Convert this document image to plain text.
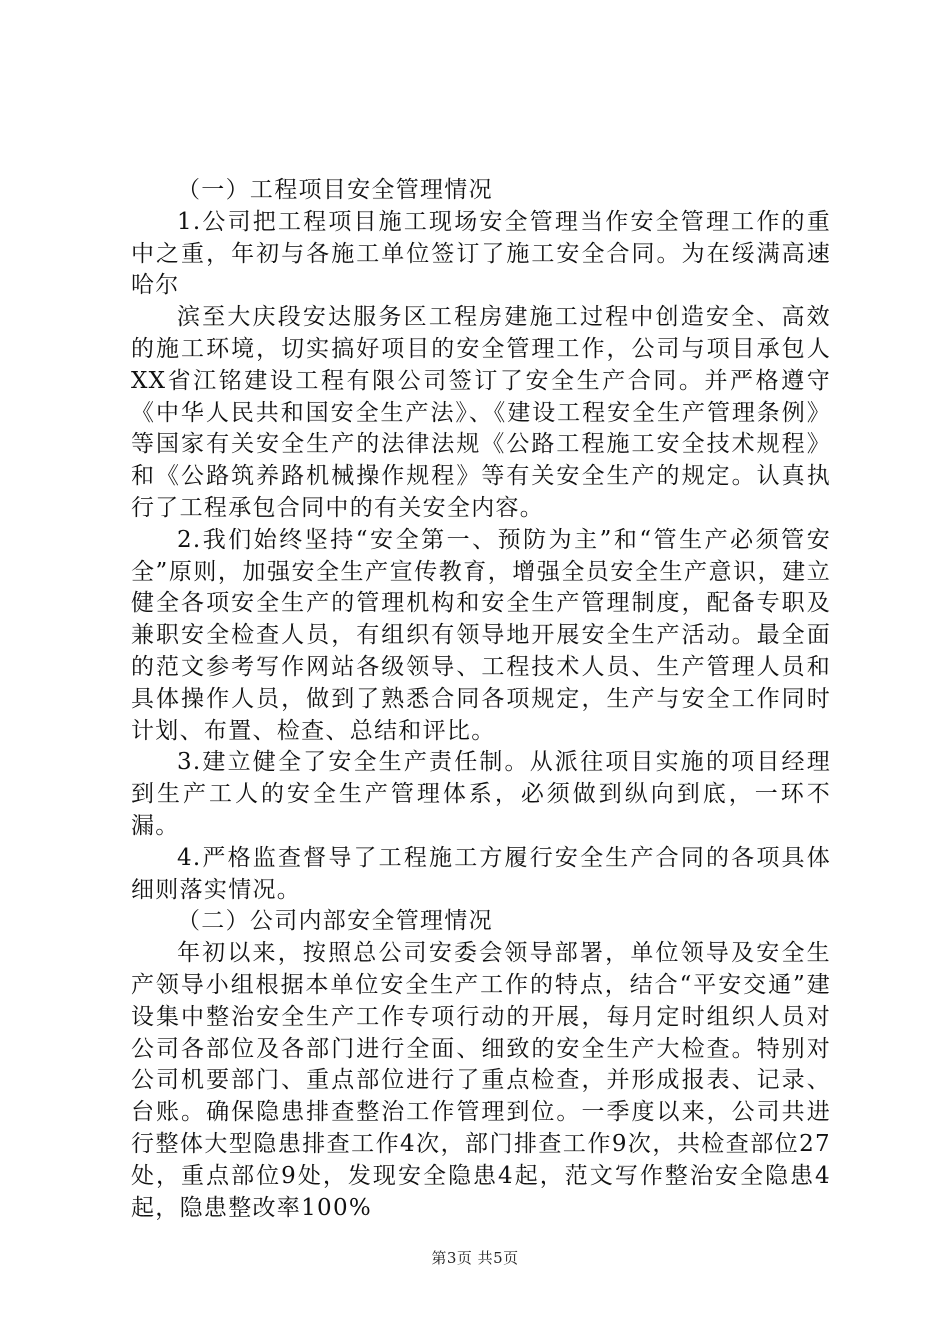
（一）工程项目安全管理情况

1.公司把工程项目施工现场安全管理当作安全管理工作的重中之重，年初与各施工单位签订了施工安全合同。为在绥满高速哈尔

滨至大庆段安达服务区工程房建施工过程中创造安全、高效的施工环境，切实搞好项目的安全管理工作，公司与项目承包人XX省江铭建设工程有限公司签订了安全生产合同。并严格遵守《中华人民共和国安全生产法》、《建设工程安全生产管理条例》等国家有关安全生产的法律法规《公路工程施工安全技术规程》和《公路筑养路机械操作规程》等有关安全生产的规定。认真执行了工程承包合同中的有关安全内容。

2.我们始终坚持“安全第一、预防为主”和“管生产必须管安全”原则，加强安全生产宣传教育，增强全员安全生产意识，建立健全各项安全生产的管理机构和安全生产管理制度，配备专职及兼职安全检查人员，有组织有领导地开展安全生产活动。最全面的范文参考写作网站各级领导、工程技术人员、生产管理人员和具体操作人员，做到了熟悉合同各项规定，生产与安全工作同时计划、布置、检查、总结和评比。

3.建立健全了安全生产责任制。从派往项目实施的项目经理到生产工人的安全生产管理体系，必须做到纵向到底，一环不漏。

4.严格监查督导了工程施工方履行安全生产合同的各项具体细则落实情况。

（二）公司内部安全管理情况

年初以来，按照总公司安委会领导部署，单位领导及安全生产领导小组根据本单位安全生产工作的特点，结合“平安交通”建设集中整治安全生产工作专项行动的开展，每月定时组织人员对公司各部位及各部门进行全面、细致的安全生产大检查。特别对公司机要部门、重点部位进行了重点检查，并形成报表、记录、台账。确保隐患排查整治工作管理到位。一季度以来，公司共进行整体大型隐患排查工作4次，部门排查工作9次，共检查部位27处，重点部位9处，发现安全隐患4起，范文写作整治安全隐患4起，隐患整改率100%

第3页 共5页
